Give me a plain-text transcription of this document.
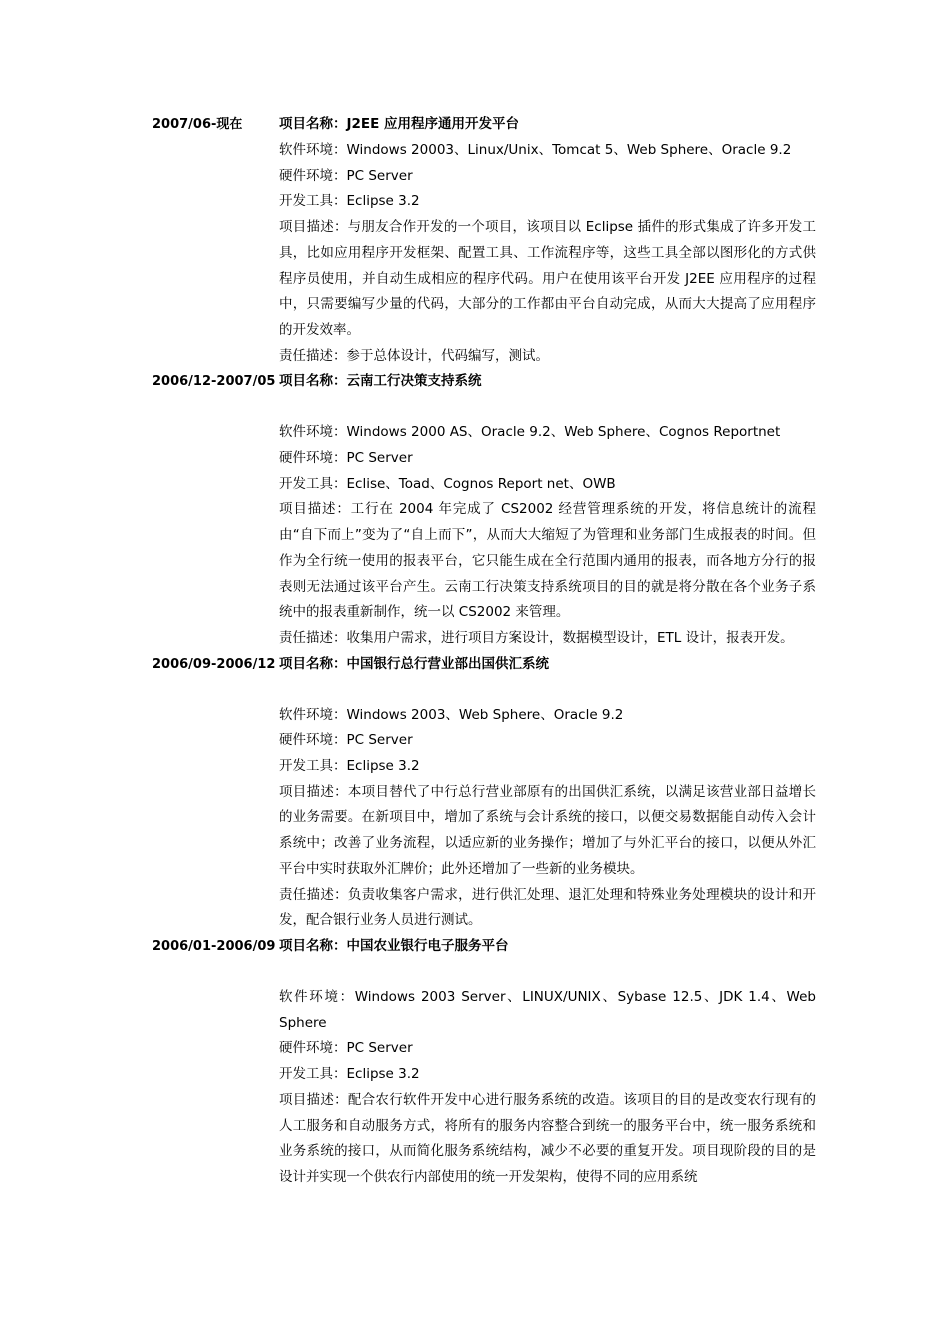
2007/06-现在	项目名称：J2EE 应用程序通用开发平台
软件环境：Windows 20003、Linux/Unix、Tomcat 5、Web Sphere、Oracle 9.2
硬件环境：PC Server
开发工具：Eclipse 3.2
项目描述：与朋友合作开发的一个项目，该项目以 Eclipse 插件的形式集成了许多开发工具，比如应用程序开发框架、配置工具、工作流程序等，这些工具全部以图形化的方式供程序员使用，并自动生成相应的程序代码。用户在使用该平台开发 J2EE 应用程序的过程中，只需要编写少量的代码，大部分的工作都由平台自动完成，从而大大提高了应用程序的开发效率。
责任描述：参于总体设计，代码编写，测试。
2006/12-2007/05 项目名称：云南工行决策支持系统
软件环境：Windows 2000 AS、Oracle 9.2、Web Sphere、Cognos Reportnet
硬件环境：PC Server
开发工具：Eclise、Toad、Cognos Report net、OWB
项目描述：工行在 2004 年完成了 CS2002 经营管理系统的开发，将信息统计的流程由“自下而上”变为了“自上而下”，从而大大缩短了为管理和业务部门生成报表的时间。但作为全行统一使用的报表平台，它只能生成在全行范围内通用的报表，而各地方分行的报表则无法通过该平台产生。云南工行决策支持系统项目的目的就是将分散在各个业务子系统中的报表重新制作，统一以 CS2002 来管理。
责任描述：收集用户需求，进行项目方案设计，数据模型设计，ETL 设计，报表开发。
2006/09-2006/12 项目名称：中国银行总行营业部出国供汇系统
软件环境：Windows 2003、Web Sphere、Oracle 9.2
硬件环境：PC Server
开发工具：Eclipse 3.2
项目描述：本项目替代了中行总行营业部原有的出国供汇系统，以满足该营业部日益增长的业务需要。在新项目中，增加了系统与会计系统的接口，以便交易数据能自动传入会计系统中；改善了业务流程，以适应新的业务操作；增加了与外汇平台的接口，以便从外汇平台中实时获取外汇牌价；此外还增加了一些新的业务模块。
责任描述：负责收集客户需求，进行供汇处理、退汇处理和特殊业务处理模块的设计和开发，配合银行业务人员进行测试。
2006/01-2006/09 项目名称：中国农业银行电子服务平台
软件环境：Windows 2003 Server、LINUX/UNIX、Sybase 12.5、JDK 1.4、Web Sphere
硬件环境：PC Server
开发工具：Eclipse 3.2
项目描述：配合农行软件开发中心进行服务系统的改造。该项目的目的是改变农行现有的人工服务和自动服务方式，将所有的服务内容整合到统一的服务平台中，统一服务系统和业务系统的接口，从而简化服务系统结构，减少不必要的重复开发。项目现阶段的目的是设计并实现一个供农行内部使用的统一开发架构，使得不同的应用系统
